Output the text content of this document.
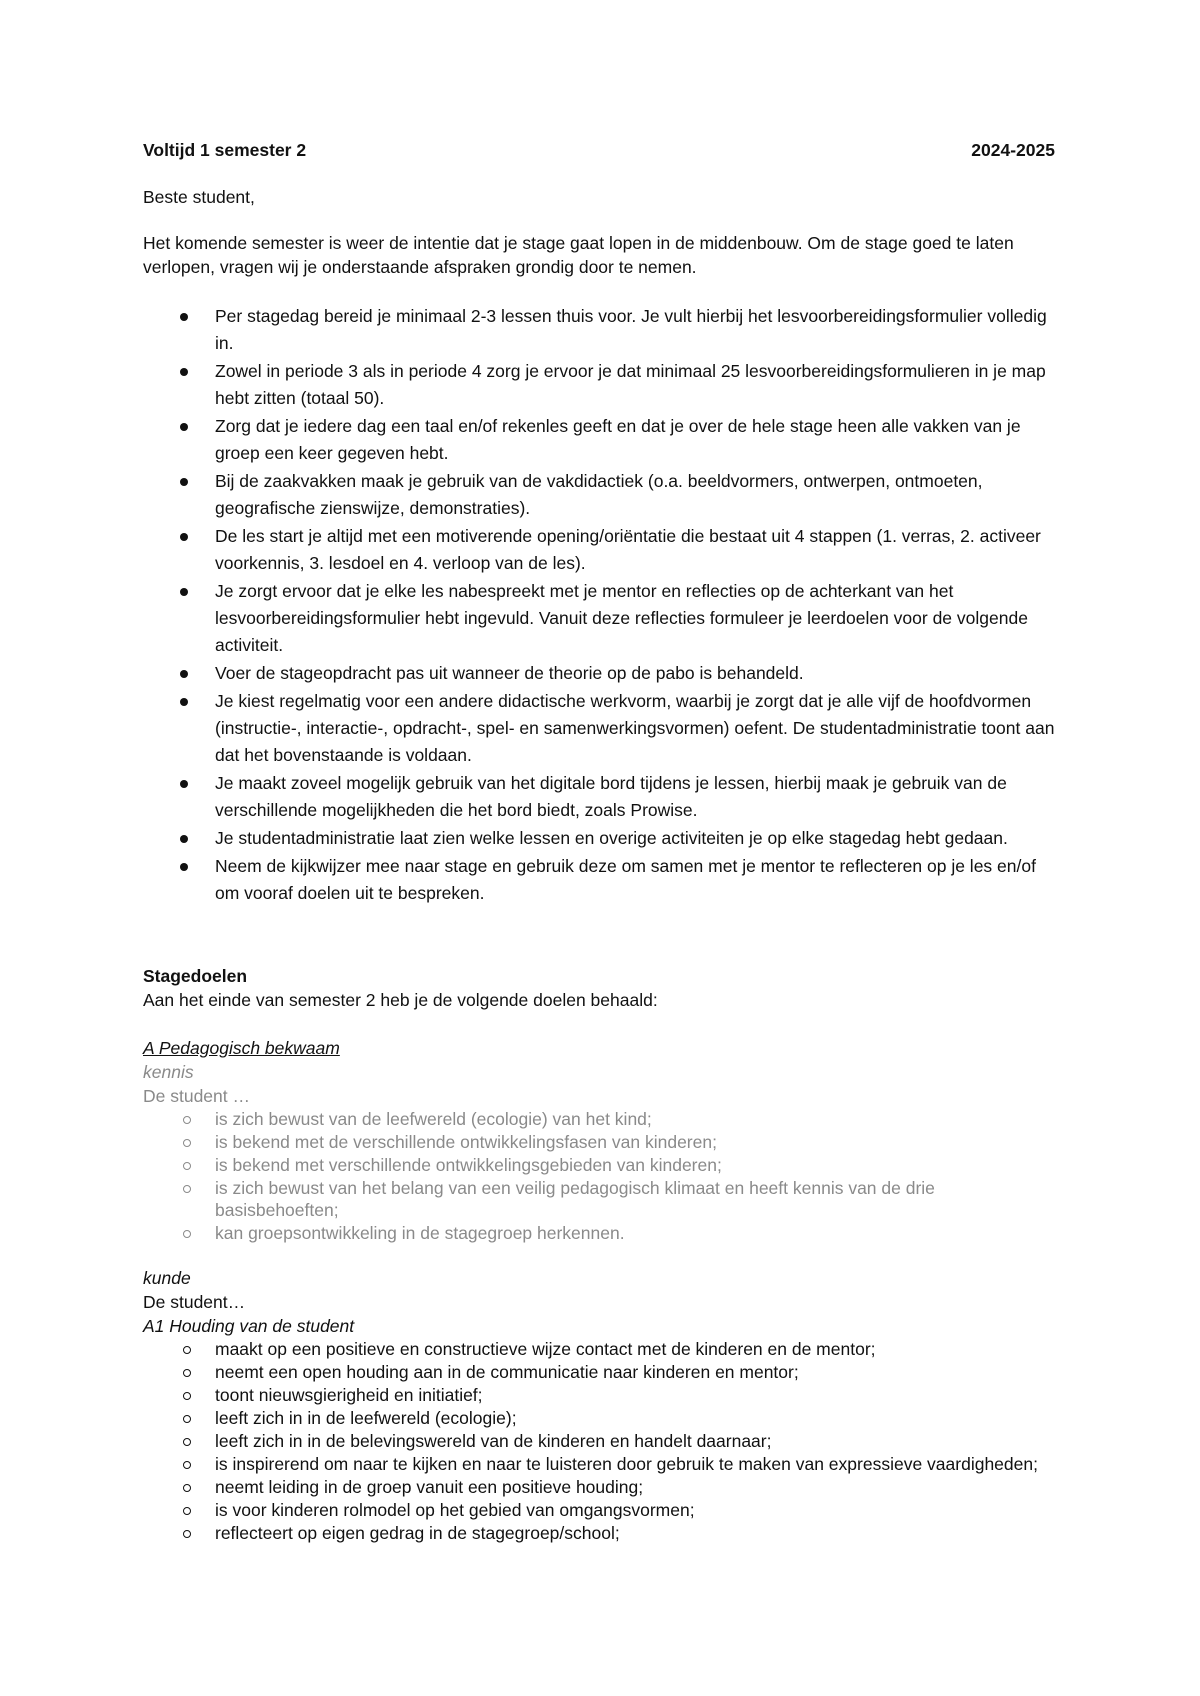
Voltijd 1 semester 2	2024-2025

Beste student,

Het komende semester is weer de intentie dat je stage gaat lopen in de middenbouw. Om de stage goed te laten verlopen, vragen wij je onderstaande afspraken grondig door te nemen.

Per stagedag bereid je minimaal 2-3 lessen thuis voor. Je vult hierbij het lesvoorbereidingsformulier volledig in.
Zowel in periode 3 als in periode 4 zorg je ervoor je dat minimaal 25 lesvoorbereidingsformulieren in je map hebt zitten (totaal 50).
Zorg dat je iedere dag een taal en/of rekenles geeft en dat je over de hele stage heen alle vakken van je groep een keer gegeven hebt.
Bij de zaakvakken maak je gebruik van de vakdidactiek (o.a. beeldvormers, ontwerpen, ontmoeten, geografische zienswijze, demonstraties).
De les start je altijd met een motiverende opening/oriëntatie die bestaat uit 4 stappen (1. verras, 2. activeer voorkennis, 3. lesdoel en 4. verloop van de les).
Je zorgt ervoor dat je elke les nabespreekt met je mentor en reflecties op de achterkant van het lesvoorbereidingsformulier hebt ingevuld. Vanuit deze reflecties formuleer je leerdoelen voor de volgende activiteit.
Voer de stageopdracht pas uit wanneer de theorie op de pabo is behandeld.
Je kiest regelmatig voor een andere didactische werkvorm, waarbij je zorgt dat je alle vijf de hoofdvormen (instructie-, interactie-, opdracht-, spel- en samenwerkingsvormen) oefent. De studentadministratie toont aan dat het bovenstaande is voldaan.
Je maakt zoveel mogelijk gebruik van het digitale bord tijdens je lessen, hierbij maak je gebruik van de verschillende mogelijkheden die het bord biedt, zoals Prowise.
Je studentadministratie laat zien welke lessen en overige activiteiten je op elke stagedag hebt gedaan.
Neem de kijkwijzer mee naar stage en gebruik deze om samen met je mentor te reflecteren op je les en/of om vooraf doelen uit te bespreken.
Stagedoelen
Aan het einde van semester 2 heb je de volgende doelen behaald:
A Pedagogisch bekwaam
kennis
De student …
is zich bewust van de leefwereld (ecologie) van het kind;
is bekend met de verschillende ontwikkelingsfasen van kinderen;
is bekend met verschillende ontwikkelingsgebieden van kinderen;
is zich bewust van het belang van een veilig pedagogisch klimaat en heeft kennis van de drie basisbehoeften;
kan groepsontwikkeling in de stagegroep herkennen.
kunde
De student…
A1 Houding van de student
maakt op een positieve en constructieve wijze contact met de kinderen en de mentor;
neemt een open houding aan in de communicatie naar kinderen en mentor;
toont nieuwsgierigheid en initiatief;
leeft zich in in de leefwereld (ecologie);
leeft zich in in de belevingswereld van de kinderen en handelt daarnaar;
is inspirerend om naar te kijken en naar te luisteren door gebruik te maken van expressieve vaardigheden;
neemt leiding in de groep vanuit een positieve houding;
is voor kinderen rolmodel op het gebied van omgangsvormen;
reflecteert op eigen gedrag in de stagegroep/school;
